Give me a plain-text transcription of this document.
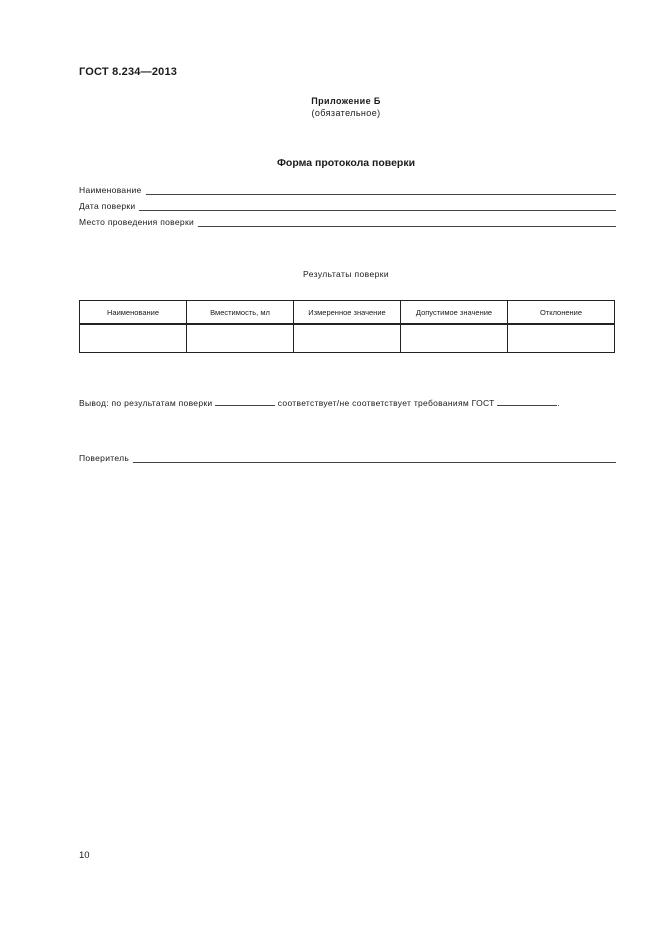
ГОСТ 8.234—2013
Приложение Б
(обязательное)
Форма протокола поверки
Наименование
Дата поверки
Место проведения поверки
Результаты поверки
Наименование	Вместимость, мл	Измеренное значение	Допустимое значение	Отклонение

Вывод: по результатам поверки	соответствует/не соответствует требованиям ГОСТ	.
Поверитель
10
